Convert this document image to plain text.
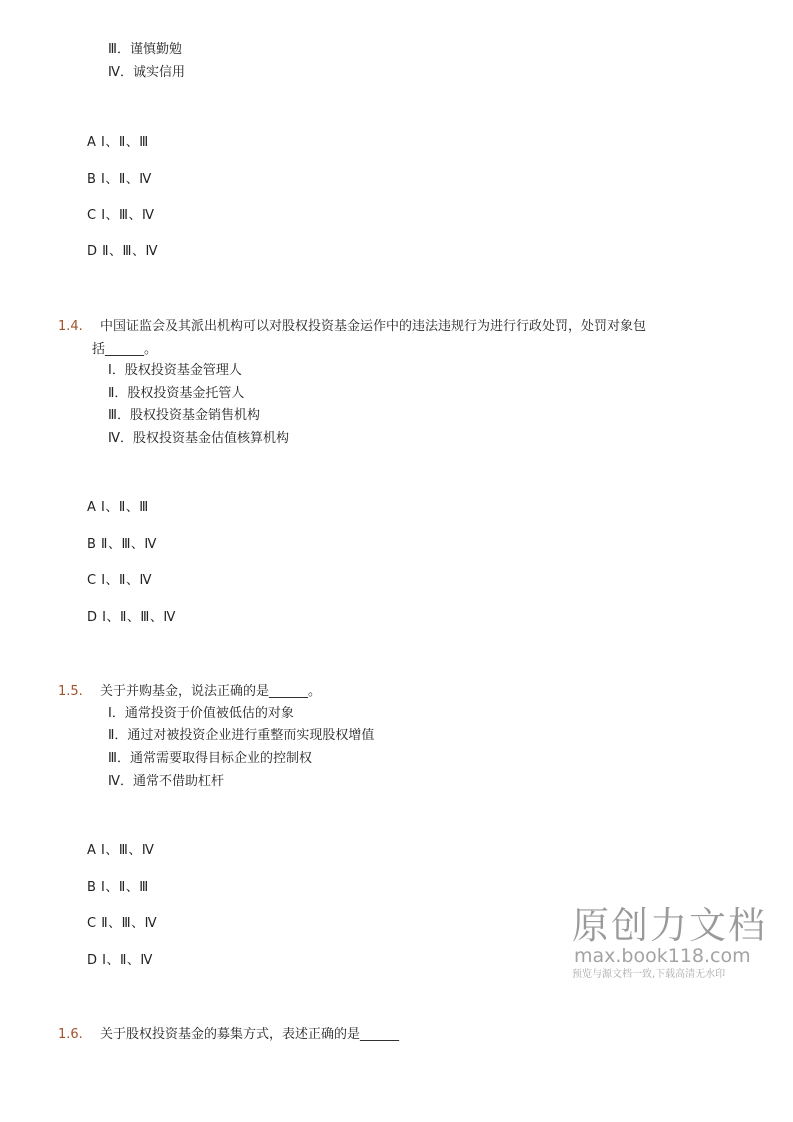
Ⅲ．谨慎勤勉
Ⅳ．诚实信用
A Ⅰ、Ⅱ、Ⅲ
B Ⅰ、Ⅱ、Ⅳ
C Ⅰ、Ⅲ、Ⅳ
D Ⅱ、Ⅲ、Ⅳ
1.4. 中国证监会及其派出机构可以对股权投资基金运作中的违法违规行为进行行政处罚，处罚对象包
括______。
Ⅰ．股权投资基金管理人
Ⅱ．股权投资基金托管人
Ⅲ．股权投资基金销售机构
Ⅳ．股权投资基金估值核算机构
A Ⅰ、Ⅱ、Ⅲ
B Ⅱ、Ⅲ、Ⅳ
C Ⅰ、Ⅱ、Ⅳ
D Ⅰ、Ⅱ、Ⅲ、Ⅳ
1.5. 关于并购基金，说法正确的是______。
Ⅰ．通常投资于价值被低估的对象
Ⅱ．通过对被投资企业进行重整而实现股权增值
Ⅲ．通常需要取得目标企业的控制权
Ⅳ．通常不借助杠杆
A Ⅰ、Ⅲ、Ⅳ
B Ⅰ、Ⅱ、Ⅲ
C Ⅱ、Ⅲ、Ⅳ
D Ⅰ、Ⅱ、Ⅳ
1.6. 关于股权投资基金的募集方式，表述正确的是______
原创力文档
max.book118.com
预览与源文档一致,下载高清无水印
